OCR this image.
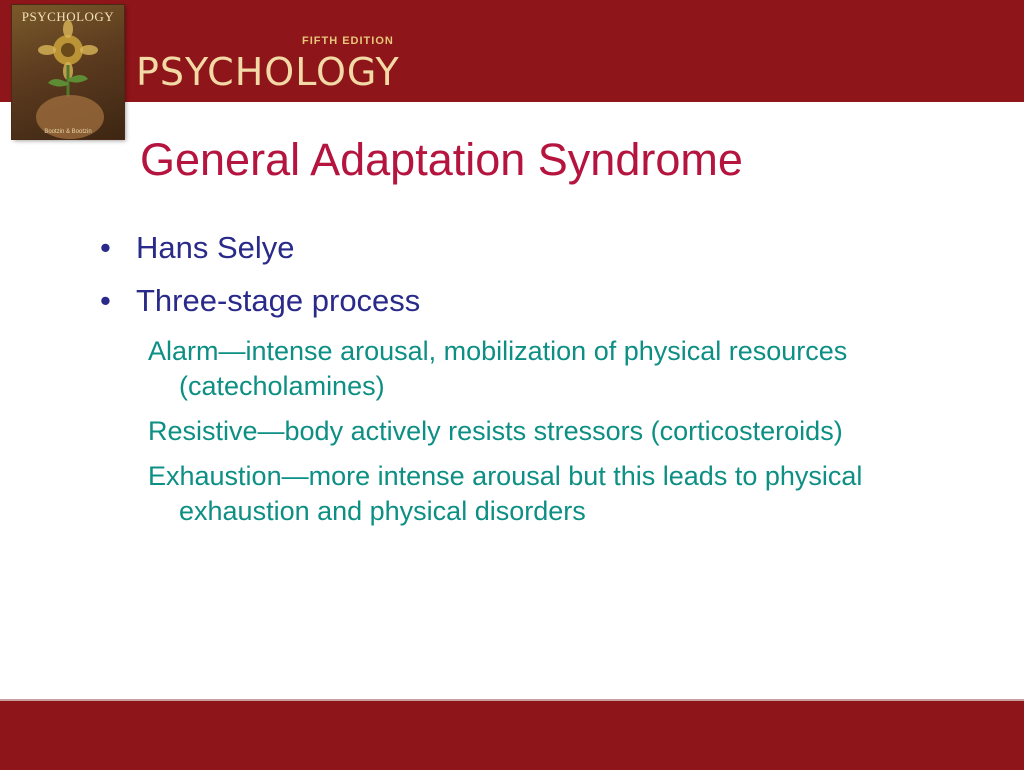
PSYCHOLOGY
Bootzin & Bootzin
FIFTH EDITION
PSYCHOLOGY
General Adaptation Syndrome
• Hans Selye
• Three-stage process
Alarm—intense arousal, mobilization of physical resources (catecholamines)
Resistive—body actively resists stressors (corticosteroids)
Exhaustion—more intense arousal but this leads to physical exhaustion and physical disorders
